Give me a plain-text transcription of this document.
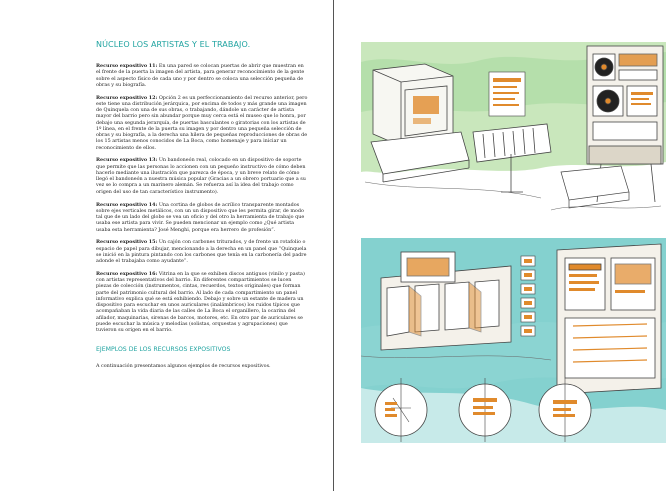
NÚCLEO LOS ARTISTAS Y EL TRABAJO.

Recurso expositivo 11: En una pared se colocan puertas de abrir que muestran en el frente de la puerta la imagen del artista, para generar reconocimiento de la gente sobre el aspecto físico de cada uno y por dentro se coloca una selección pequeña de obras y su biografía.

Recurso expositivo 12: Opción 2 es un perfeccionamiento del recurso anterior, pero este tiene una distribución jerárquica, por encima de todos y más grande una imagen de Quinquela con una de sus obras, o trabajando, dándole un carácter de artista mayor del barrio pero sin abundar porque muy cerca está el museo que lo honra, por debajo una segunda jerarquía, de puertas basculantes o giratorias con los artistas de 1º línea, en el frente de la puerta su imagen y por dentro una pequeña selección de obras y su biografía, a la derecha una hilera de pequeñas reproducciones de obras de los 15 artistas menos conocidos de La Boca, como homenaje y para iniciar un reconocimiento de ellos.

Recurso expositivo 13: Un bandoneón real, colocado en un dispositivo de soporte que permite que las personas lo accionen con un pequeño instructivo de cómo deben hacerlo mediante una ilustración que parezca de época, y un breve relato de cómo llegó el bandoneón a nuestra música popular (Gracias a un obrero portuario que a su vez se lo compra a un marinero alemán. Se refuerza así la idea del trabajo como origen del uso de tan característico instrumento).

Recurso expositivo 14: Una cortina de globos de acrílico transparente montados sobre ejes verticales metálicos, con un un dispositivo que les permita girar, de modo tal que de un lado del globo se vea un oficio y del otro la herramienta de trabajo que usaba ese artista para vivir. Se pueden mencionar un ejemplo como ¿Qué artista usaba esta herramienta? José Menghi, porque era herrero de profesión”.

Recurso expositivo 15: Un cajón con carbones triturados, y de frente un rotafolio o espacio de papel para dibujar, mencionando a la derecha en un panel que “Quinquela se inició en la pintura pintando con los carbones que tenía en la carbonería del padre adonde el trabajaba como ayudante”.

Recurso expositivo 16: Vitrina en la que se exhiben discos antiguos (vinilo y pasta) con artistas representativos del barrio. En diferentes compartimientos se lucen piezas de colección (instrumentos, cintas, recuerdos, textos originales) que forman parte del patrimonio cultural del barrio. Al lado de cada compartimiento un panel informativo explica qué se está exhibiendo. Debajo y sobre un estante de madera un dispositivo para escuchar en unos auriculares (inalámbricos) los ruidos típicos que acompañaban la vida diaria de las calles de La Boca el organillero, la ocarina del afilador, maquinarias, sirenas de barcos, motores, etc. En otro par de auriculares se puede escuchar la música y melodías (solistas, orquestas y agrupaciones) que tuvieron su origen en el barrio.

EJEMPLOS DE LOS RECURSOS EXPOSITIVOS

A continuación presentamos algunos ejemplos de recursos expositivos.
